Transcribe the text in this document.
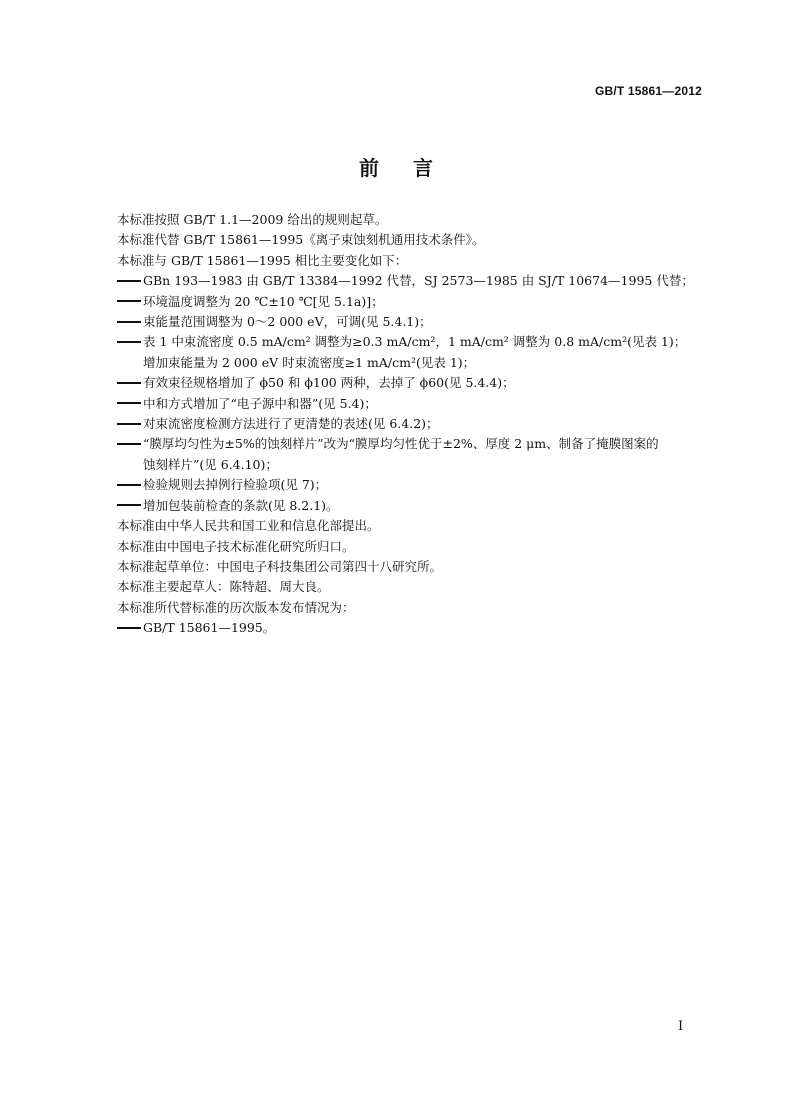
GB/T 15861—2012
前言
本标准按照 GB/T 1.1—2009 给出的规则起草。
本标准代替 GB/T 15861—1995《离子束蚀刻机通用技术条件》。
本标准与 GB/T 15861—1995 相比主要变化如下：
GBn 193—1983 由 GB/T 13384—1992 代替，SJ 2573—1985 由 SJ/T 10674—1995 代替；
环境温度调整为 20 ℃±10 ℃[见 5.1a)]；
束能量范围调整为 0～2 000 eV，可调(见 5.4.1)；
表 1 中束流密度 0.5 mA/cm² 调整为≥0.3 mA/cm²，1 mA/cm² 调整为 0.8 mA/cm²(见表 1)；
增加束能量为 2 000 eV 时束流密度≥1 mA/cm²(见表 1)；
有效束径规格增加了 ϕ50 和 ϕ100 两种，去掉了 ϕ60(见 5.4.4)；
中和方式增加了“电子源中和器”(见 5.4)；
对束流密度检测方法进行了更清楚的表述(见 6.4.2)；
“膜厚均匀性为±5%的蚀刻样片”改为“膜厚均匀性优于±2%、厚度 2 μm、制备了掩膜图案的
蚀刻样片”(见 6.4.10)；
检验规则去掉例行检验项(见 7)；
增加包装前检查的条款(见 8.2.1)。
本标准由中华人民共和国工业和信息化部提出。
本标准由中国电子技术标准化研究所归口。
本标准起草单位：中国电子科技集团公司第四十八研究所。
本标准主要起草人：陈特超、周大良。
本标准所代替标准的历次版本发布情况为：
GB/T 15861—1995。
I
